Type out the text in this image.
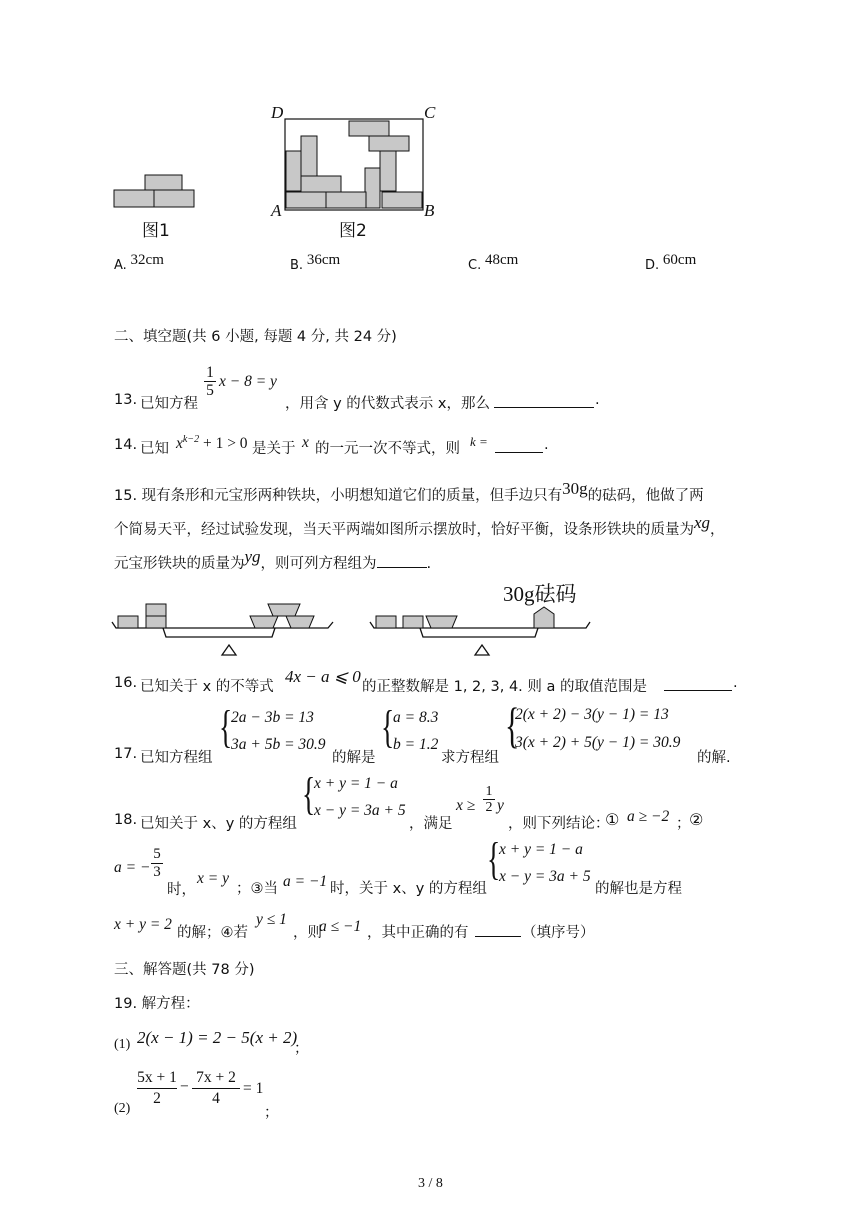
图1	图2
D	C
A	B
30g砝码
A. 32cm	B. 36cm	C. 48cm	D. 60cm
二、填空题(共 6 小题, 每题 4 分, 共 24 分)
13. 已知方程
$\frac{1}{5}$ x − 8 = y
，用含 y 的代数式表示 x，那么	.
14. 已知 $x^{k-2} + 1 > 0$ 是关于 x 的一元一次不等式，则 k =	.
15. 现有条形和元宝形两种铁块，小明想知道它们的质量，但手边只有30g的砝码，他做了两
个简易天平，经过试验发现，当天平两端如图所示摆放时，恰好平衡，设条形铁块的质量为xg，
元宝形铁块的质量为yg，则可列方程组为	.
16. 已知关于 x 的不等式
4x − a ⩽ 0
的正整数解是 1, 2, 3, 4. 则 a 的取值范围是	.
17. 已知方程组
{
2a − 3b = 13
3a + 5b = 30.9
的解是
{
a = 8.3
b = 1.2
求方程组
{
2(x + 2) − 3(y − 1) = 13
3(x + 2) + 5(y − 1) = 30.9
的解.
18. 已知关于 x、y 的方程组
{
x + y = 1 − a
x − y = 3a + 5
，满足
$x \ge \frac{1}{2}$ y
，则下列结论：
① a ≥ −2 ；
②
a = − $\frac{5}{3}$
时，
x = y
；③当 a = −1 时，关于 x、y 的方程组
{
x + y = 1 − a
x − y = 3a + 5
的解也是方程
x + y = 2 的解；④若
y ≤ 1
，则
a ≤ −1 ，其中正确的有	（填序号）
三、解答题(共 78 分)
19. 解方程：
(1) 2(x − 1) = 2 − 5(x + 2)
；
(2)
5x + 1
2
−
7x + 2
4
= 1
；
3 / 8
